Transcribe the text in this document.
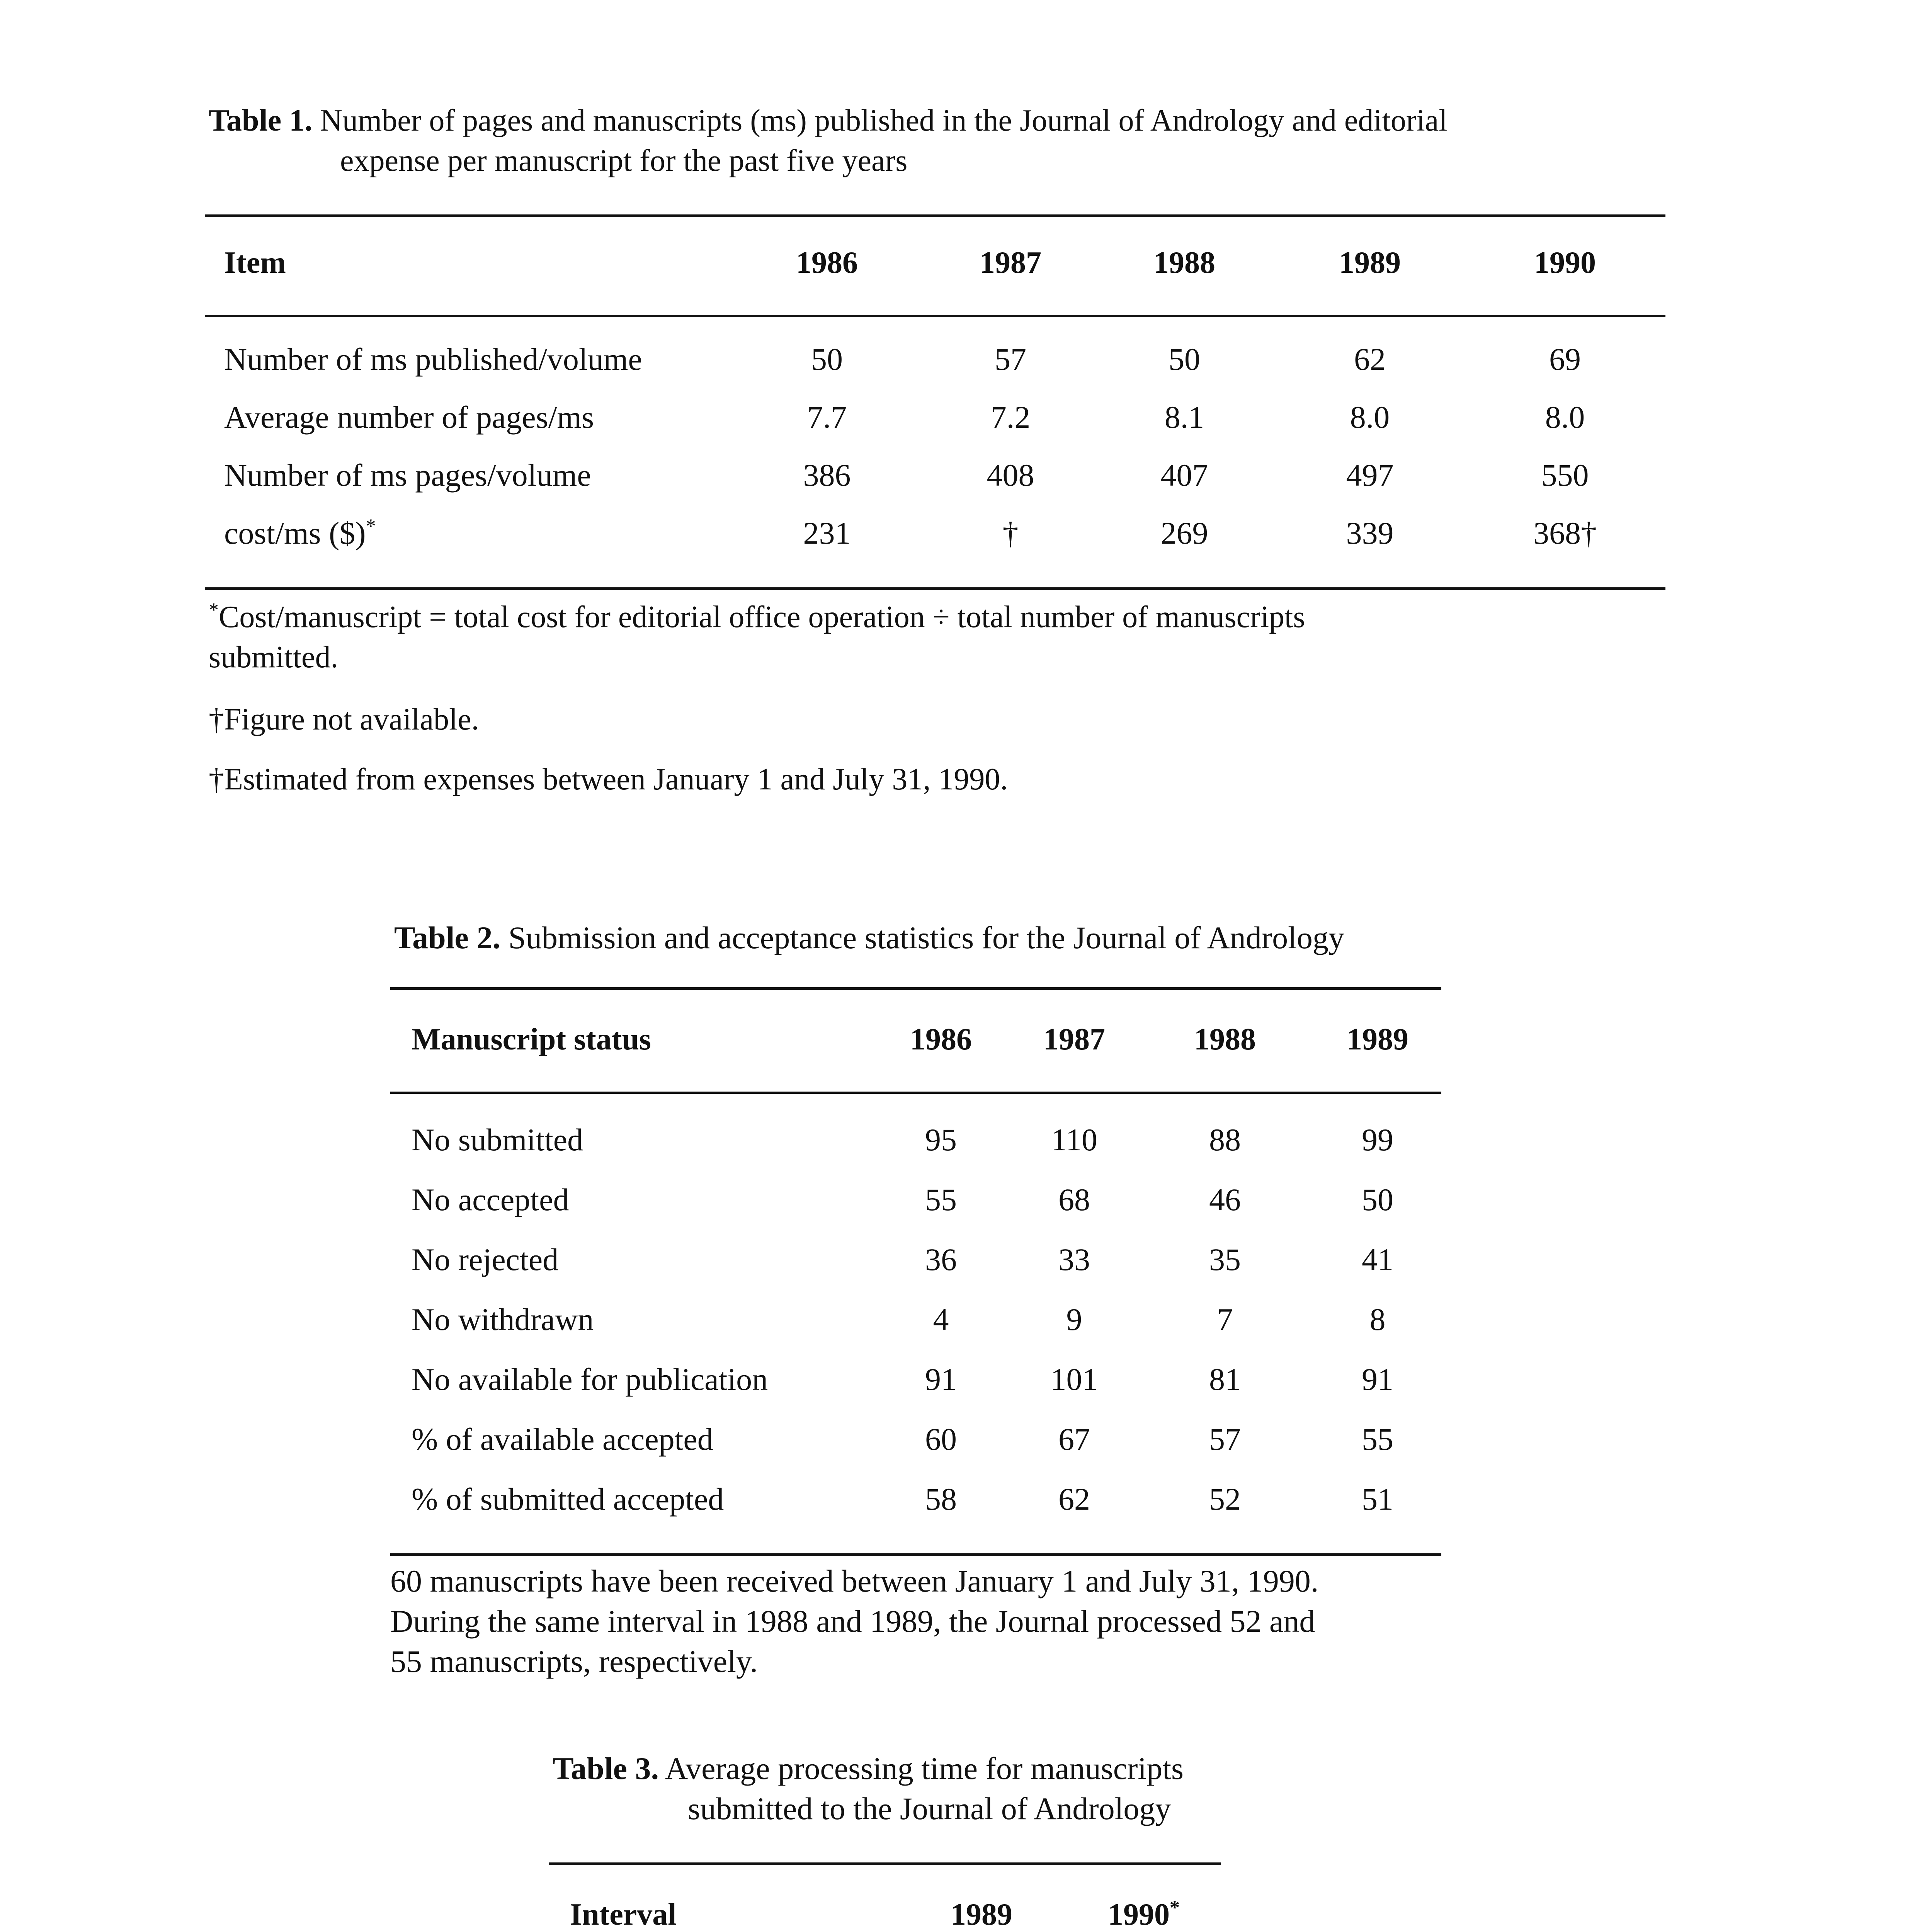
Table 1. Number of pages and manuscripts (ms) published in the Journal of Andrology and editorial
expense per manuscript for the past five years
Item	1986	1987	1988	1989	1990
Number of ms published/volume	50	57	50	62	69
Average number of pages/ms	7.7	7.2	8.1	8.0	8.0
Number of ms pages/volume	386	408	407	497	550
cost/ms ($)*	231	†	269	339	368†
*Cost/manuscript = total cost for editorial office operation ÷ total number of manuscripts
submitted.
†Figure not available.
†Estimated from expenses between January 1 and July 31, 1990.
Table 2. Submission and acceptance statistics for the Journal of Andrology
Manuscript status	1986	1987	1988	1989
No submitted	95	110	88	99
No accepted	55	68	46	50
No rejected	36	33	35	41
No withdrawn	4	9	7	8
No available for publication	91	101	81	91
% of available accepted	60	67	57	55
% of submitted accepted	58	62	52	51
60 manuscripts have been received between January 1 and July 31, 1990.
During the same interval in 1988 and 1989, the Journal processed 52 and
55 manuscripts, respectively.
Table 3. Average processing time for manuscripts
submitted to the Journal of Andrology
Interval	1989	1990*
